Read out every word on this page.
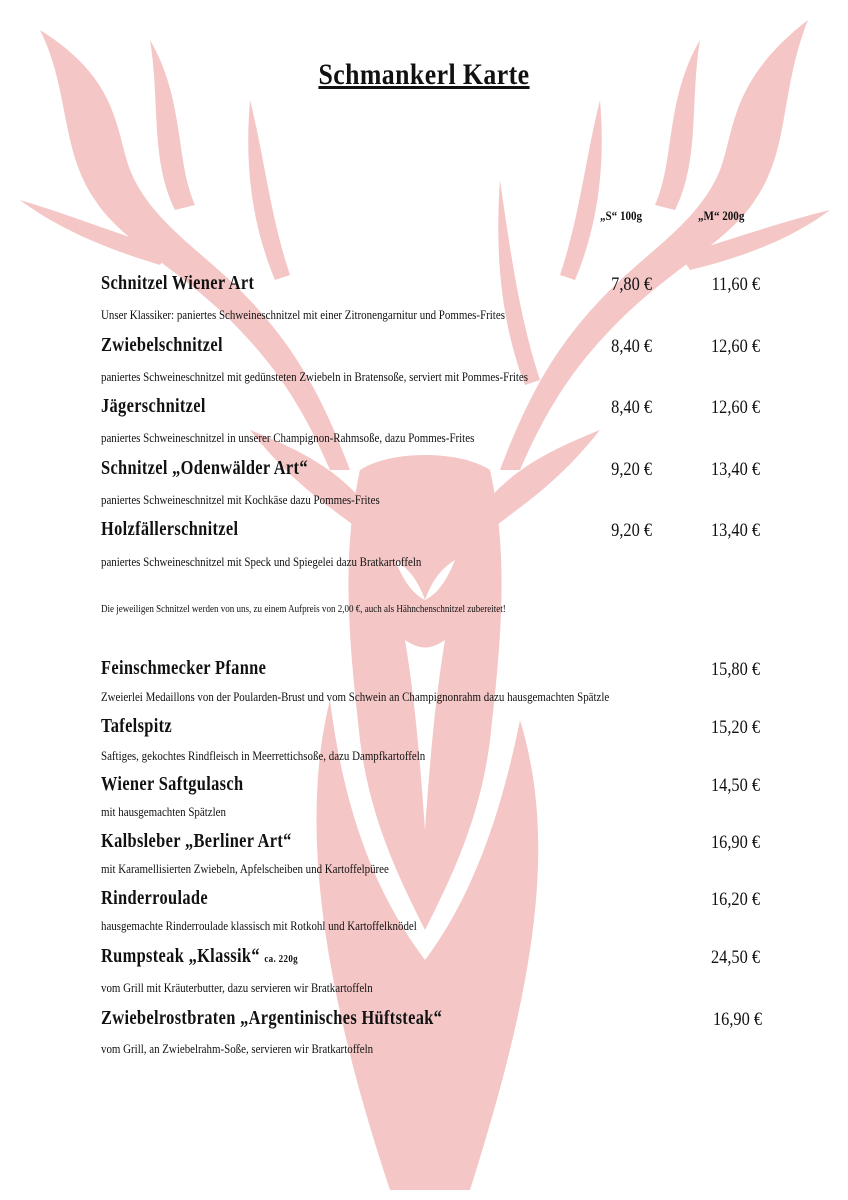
Schmankerl Karte
„S“ 100g	„M“ 200g
Schnitzel Wiener Art	7,80 €	11,60 €
Unser Klassiker: paniertes Schweineschnitzel mit einer Zitronengarnitur und Pommes-Frites
Zwiebelschnitzel	8,40 €	12,60 €
paniertes Schweineschnitzel mit gedünsteten Zwiebeln in Bratensoße, serviert mit Pommes-Frites
Jägerschnitzel	8,40 €	12,60 €
paniertes Schweineschnitzel in unserer Champignon-Rahmsoße, dazu Pommes-Frites
Schnitzel „Odenwälder Art“	9,20 €	13,40 €
paniertes Schweineschnitzel mit Kochkäse dazu Pommes-Frites
Holzfällerschnitzel	9,20 €	13,40 €
paniertes Schweineschnitzel mit Speck und Spiegelei dazu Bratkartoffeln
Die jeweiligen Schnitzel werden von uns, zu einem Aufpreis von 2,00 €, auch als Hähnchenschnitzel zubereitet!
Feinschmecker Pfanne	15,80 €
Zweierlei Medaillons von der Poularden-Brust und vom Schwein an Champignonrahm dazu hausgemachten Spätzle
Tafelspitz	15,20 €
Saftiges, gekochtes Rindfleisch in Meerrettichsoße, dazu Dampfkartoffeln
Wiener Saftgulasch	14,50 €
mit hausgemachten Spätzlen
Kalbsleber „Berliner Art“	16,90 €
mit Karamellisierten Zwiebeln, Apfelscheiben und Kartoffelpüree
Rinderroulade	16,20 €
hausgemachte Rinderroulade klassisch mit Rotkohl und Kartoffelknödel
Rumpsteak „Klassik“ ca. 220g	24,50 €
vom Grill mit Kräuterbutter, dazu servieren wir Bratkartoffeln
Zwiebelrostbraten „Argentinisches Hüftsteak“	16,90 €
vom Grill, an Zwiebelrahm-Soße, servieren wir Bratkartoffeln
